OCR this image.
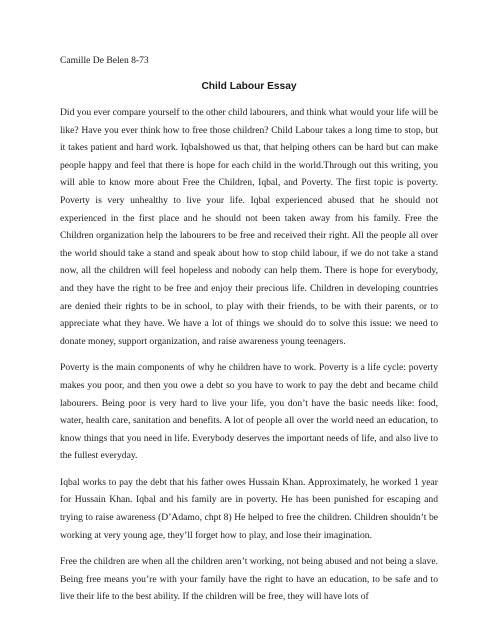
Camille De Belen 8-73

Child Labour Essay

Did you ever compare yourself to the other child labourers, and think what would your life will be like? Have you ever think how to free those children? Child Labour takes a long time to stop, but it takes patient and hard work. Iqbalshowed us that, that helping others can be hard but can make people happy and feel that there is hope for each child in the world.Through out this writing, you will able to know more about Free the Children, Iqbal, and Poverty. The first topic is poverty. Poverty is very unhealthy to live your life. Iqbal experienced abused that he should not experienced in the first place and he should not been taken away from his family. Free the Children organization help the labourers to be free and received their right. All the people all over the world should take a stand and speak about how to stop child labour, if we do not take a stand now, all the children will feel hopeless and nobody can help them. There is hope for everybody, and they have the right to be free and enjoy their precious life. Children in developing countries are denied their rights to be in school, to play with their friends, to be with their parents, or to appreciate what they have. We have a lot of things we should do to solve this issue: we need to donate money, support organization, and raise awareness young teenagers.

Poverty is the main components of why he children have to work. Poverty is a life cycle: poverty makes you poor, and then you owe a debt so you have to work to pay the debt and became child labourers. Being poor is very hard to live your life, you don’t have the basic needs like: food, water, health care, sanitation and benefits. A lot of people all over the world need an education, to know things that you need in life. Everybody deserves the important needs of life, and also live to the fullest everyday.

Iqbal works to pay the debt that his father owes Hussain Khan. Approximately, he worked 1 year for Hussain Khan. Iqbal and his family are in poverty. He has been punished for escaping and trying to raise awareness (D’Adamo, chpt 8) He helped to free the children. Children shouldn’t be working at very young age, they’ll forget how to play, and lose their imagination.

Free the children are when all the children aren’t working, not being abused and not being a slave. Being free means you’re with your family have the right to have an education, to be safe and to live their life to the best ability. If the children will be free, they will have lots of
